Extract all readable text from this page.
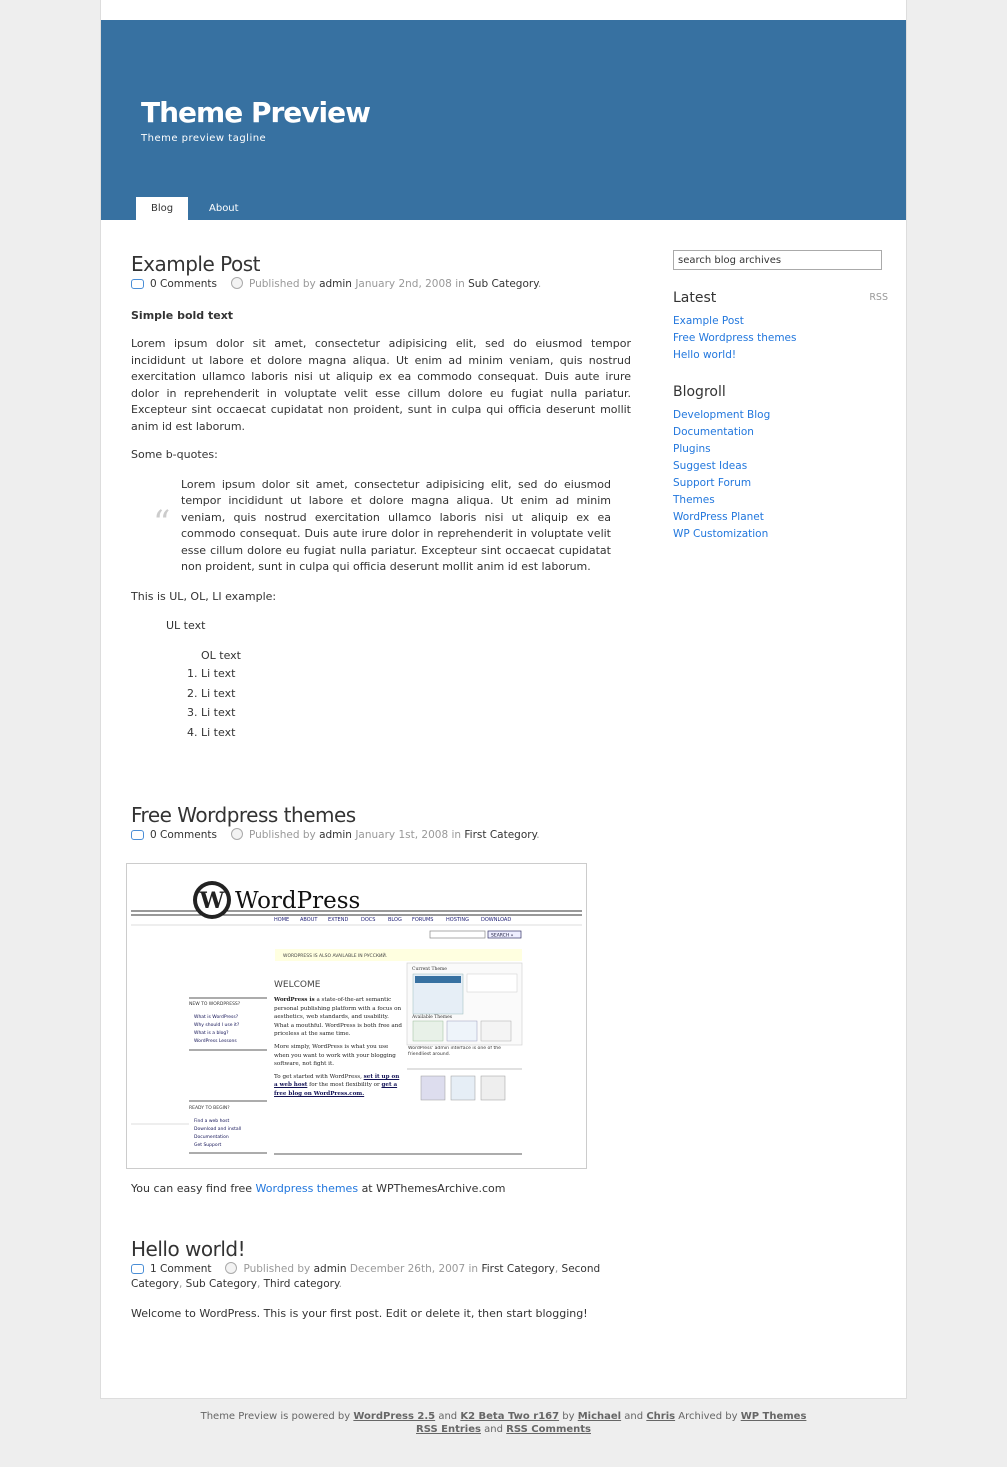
Theme Preview
Theme preview tagline
Blog	About
Example Post
0 Comments	Published by admin January 2nd, 2008 in Sub Category.

Simple bold text

Lorem ipsum dolor sit amet, consectetur adipisicing elit, sed do eiusmod tempor incididunt ut labore et dolore magna aliqua. Ut enim ad minim veniam, quis nostrud exercitation ullamco laboris nisi ut aliquip ex ea commodo consequat. Duis aute irure dolor in reprehenderit in voluptate velit esse cillum dolore eu fugiat nulla pariatur. Excepteur sint occaecat cupidatat non proident, sunt in culpa qui officia deserunt mollit anim id est laborum.

Some b-quotes:

“
Lorem ipsum dolor sit amet, consectetur adipisicing elit, sed do eiusmod tempor incididunt ut labore et dolore magna aliqua. Ut enim ad minim veniam, quis nostrud exercitation ullamco laboris nisi ut aliquip ex ea commodo consequat. Duis aute irure dolor in reprehenderit in voluptate velit esse cillum dolore eu fugiat nulla pariatur. Excepteur sint occaecat cupidatat non proident, sunt in culpa qui officia deserunt mollit anim id est laborum.

This is UL, OL, LI example:

UL text
OL text
1. Li text
2. Li text
3. Li text
4. Li text
Free Wordpress themes
0 Comments	Published by admin January 1st, 2008 in First Category.
You can easy find free Wordpress themes at WPThemesArchive.com
Hello world!
1 Comment	Published by admin December 26th, 2007 in First Category, Second Category, Sub Category, Third category.

Welcome to WordPress. This is your first post. Edit or delete it, then start blogging!

search blog archives
Latest	RSS
Example Post
Free Wordpress themes
Hello world!
Blogroll
Development Blog
Documentation
Plugins
Suggest Ideas
Support Forum
Themes
WordPress Planet
WP Customization
W WordPress
HOME ABOUT EXTEND	DOCS	BLOG FORUMS	HOSTING DOWNLOAD
SEARCH »
WORDPRESS IS ALSO AVAILABLE IN РУССКИЙ.
WELCOME
WordPress is a state-of-the-art semantic personal publishing platform with a focus on aesthetics, web standards, and usability. What a mouthful. WordPress is both free and priceless at the same time.
More simply, WordPress is what you use when you want to work with your blogging software, not fight it.
To get started with WordPress, set it up on a web host for the most flexibility or get a free blog on WordPress.com.
Current Theme
Available Themes
WordPress' admin interface is one of the friendliest around.
NEW TO WORDPRESS?
What is WordPress?
Why should I use it?
What is a blog?
WordPress Lessons
READY TO BEGIN?
Find a web host
Download and install
Documentation
Get Support
Theme Preview is powered by WordPress 2.5 and K2 Beta Two r167 by Michael and Chris Archived by WP Themes
RSS Entries and RSS Comments
